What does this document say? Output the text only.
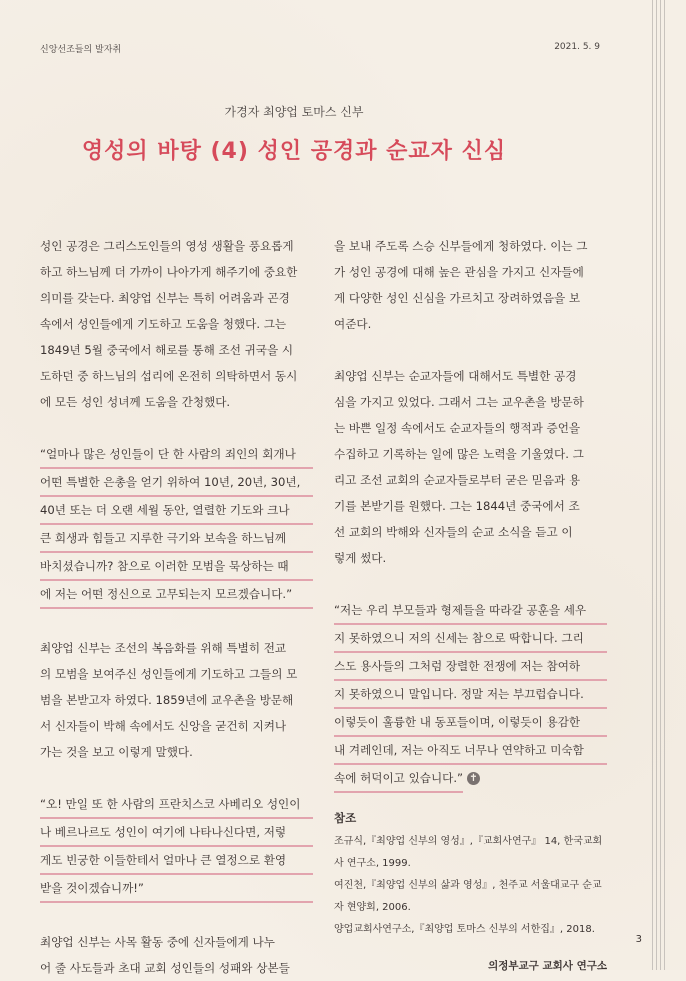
신앙선조들의 발자취	2021. 5. 9
가경자 최양업 토마스 신부
영성의 바탕 (4) 성인 공경과 순교자 신심

성인 공경은 그리스도인들의 영성 생활을 풍요롭게
하고 하느님께 더 가까이 나아가게 해주기에 중요한
의미를 갖는다. 최양업 신부는 특히 어려움과 곤경
속에서 성인들에게 기도하고 도움을 청했다. 그는
1849년 5월 중국에서 해로를 통해 조선 귀국을 시
도하던 중 하느님의 섭리에 온전히 의탁하면서 동시
에 모든 성인 성녀께 도움을 간청했다.

“얼마나 많은 성인들이 단 한 사람의 죄인의 회개나
어떤 특별한 은총을 얻기 위하여 10년, 20년, 30년,
40년 또는 더 오랜 세월 동안, 열렬한 기도와 크나
큰 희생과 힘들고 지루한 극기와 보속을 하느님께
바치셨습니까? 참으로 이러한 모범을 묵상하는 때
에 저는 어떤 정신으로 고무되는지 모르겠습니다.”

최양업 신부는 조선의 복음화를 위해 특별히 전교
의 모범을 보여주신 성인들에게 기도하고 그들의 모
범을 본받고자 하였다. 1859년에 교우촌을 방문해
서 신자들이 박해 속에서도 신앙을 굳건히 지켜나
가는 것을 보고 이렇게 말했다.

“오! 만일 또 한 사람의 프란치스코 사베리오 성인이
나 베르나르도 성인이 여기에 나타나신다면, 저렇
게도 빈궁한 이들한테서 얼마나 큰 열정으로 환영
받을 것이겠습니까!”

최양업 신부는 사목 활동 중에 신자들에게 나누
어 줄 사도들과 초대 교회 성인들의 성패와 상본들

을 보내 주도록 스승 신부들에게 청하였다. 이는 그
가 성인 공경에 대해 높은 관심을 가지고 신자들에
게 다양한 성인 신심을 가르치고 장려하였음을 보
여준다.

최양업 신부는 순교자들에 대해서도 특별한 공경
심을 가지고 있었다. 그래서 그는 교우촌을 방문하
는 바쁜 일정 속에서도 순교자들의 행적과 증언을
수집하고 기록하는 일에 많은 노력을 기울였다. 그
리고 조선 교회의 순교자들로부터 굳은 믿음과 용
기를 본받기를 원했다. 그는 1844년 중국에서 조
선 교회의 박해와 신자들의 순교 소식을 듣고 이
렇게 썼다.

“저는 우리 부모들과 형제들을 따라갈 공훈을 세우
지 못하였으니 저의 신세는 참으로 딱합니다. 그리
스도 용사들의 그처럼 장렬한 전쟁에 저는 참여하
지 못하였으니 말입니다. 정말 저는 부끄럽습니다.
이렇듯이 훌륭한 내 동포들이며, 이렇듯이 용감한
내 겨레인데, 저는 아직도 너무나 연약하고 미숙함
속에 허덕이고 있습니다.” ✝

참조
조규식,『최양업 신부의 영성』,『교회사연구』 14, 한국교회
사 연구소, 1999.
여진천,『최양업 신부의 삶과 영성』, 천주교 서울대교구 순교
자 현양회, 2006.
양업교회사연구소,『최양업 토마스 신부의 서한집』, 2018.
의정부교구 교회사 연구소
3
